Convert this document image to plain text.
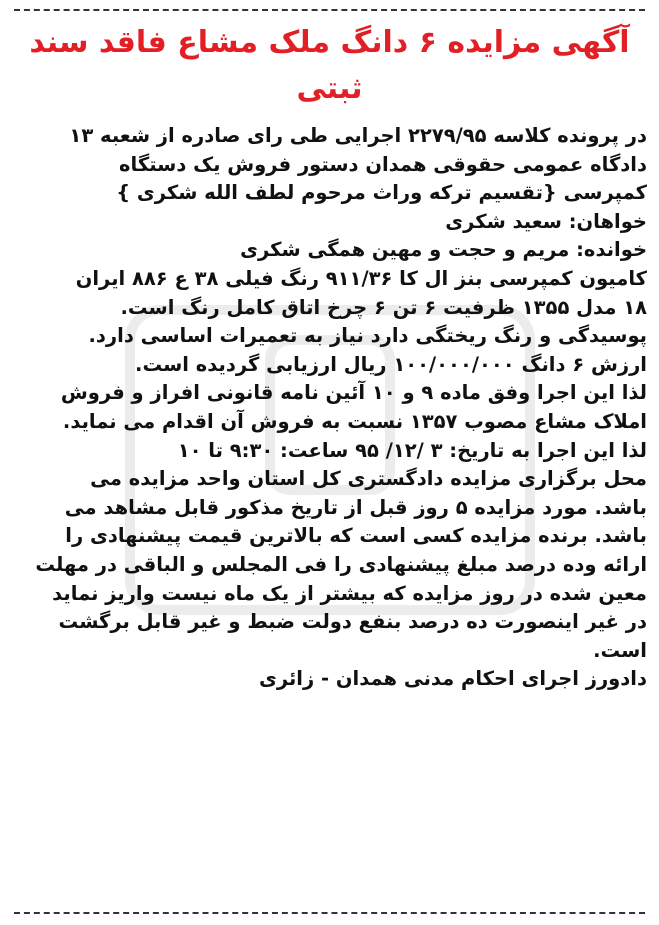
آگهی مزایده ۶ دانگ ملک مشاع فاقد سند
ثبتی
در پرونده کلاسه ۲۲۷۹/۹۵ اجرایی طی رای صادره از شعبه ۱۳
دادگاه عمومی حقوقی همدان دستور فروش یک دستگاه
کمپرسی {تقسیم ترکه وراث مرحوم لطف الله شکری }
خواهان: سعید شکری
خوانده: مریم و حجت و مهین همگی شکری
کامیون کمپرسی بنز ال کا ۹۱۱/۳۶ رنگ فیلی ۳۸ ع ۸۸۶ ایران
۱۸ مدل ۱۳۵۵ ظرفیت ۶ تن ۶ چرخ اتاق کامل رنگ است.
پوسیدگی و رنگ ریختگی دارد نیاز به تعمیرات اساسی دارد.
ارزش ۶ دانگ ۱۰۰/۰۰۰/۰۰۰ ریال ارزیابی گردیده است.
لذا این اجرا وفق ماده ۹ و ۱۰ آئین نامه قانونی افراز و فروش
املاک مشاع مصوب ۱۳۵۷ نسبت به فروش آن اقدام می نماید.
لذا این اجرا به تاریخ: ۳ /۱۲/ ۹۵ ساعت: ۹:۳۰ تا ۱۰
محل برگزاری مزایده دادگستری کل استان واحد مزایده می
باشد. مورد مزایده ۵ روز قبل از تاریخ مذکور قابل مشاهد می
باشد. برنده مزایده کسی است که بالاترین قیمت پیشنهادی را
ارائه وده درصد مبلغ پیشنهادی را فی المجلس و الباقی در مهلت
معین شده در روز مزایده که بیشتر از یک ماه نیست واریز نماید
در غیر اینصورت ده درصد بنفع دولت ضبط و غیر قابل برگشت
است.
دادورز اجرای احکام مدنی همدان - زائری
